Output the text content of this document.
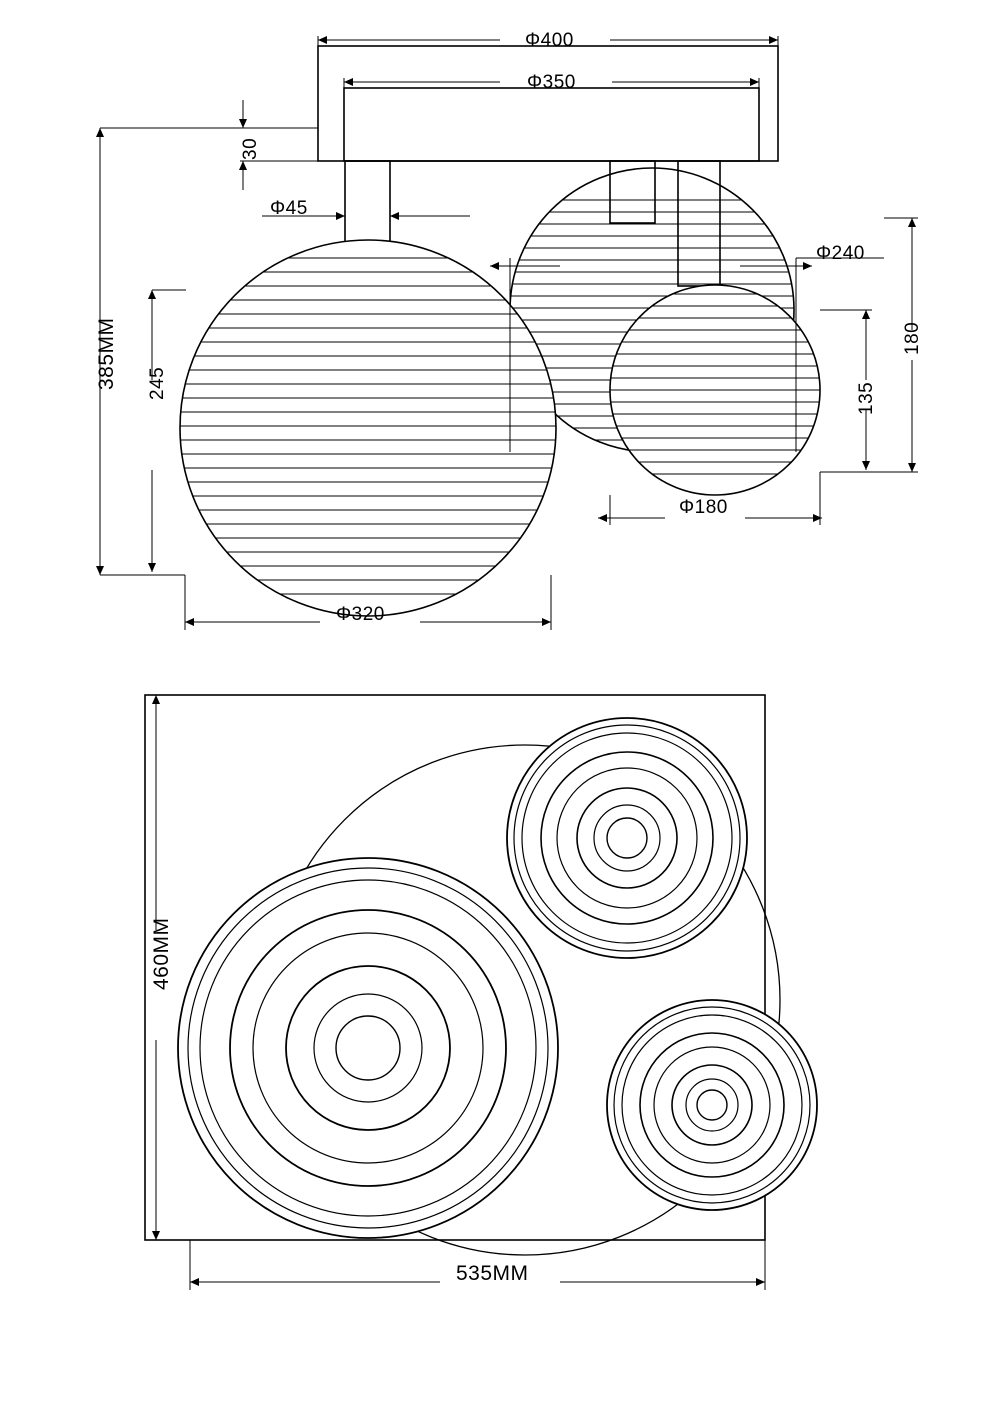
Φ400
Φ350
30
Φ45
Φ240
180
135
385MM 245
Φ180
Φ320
460MM
535MM
